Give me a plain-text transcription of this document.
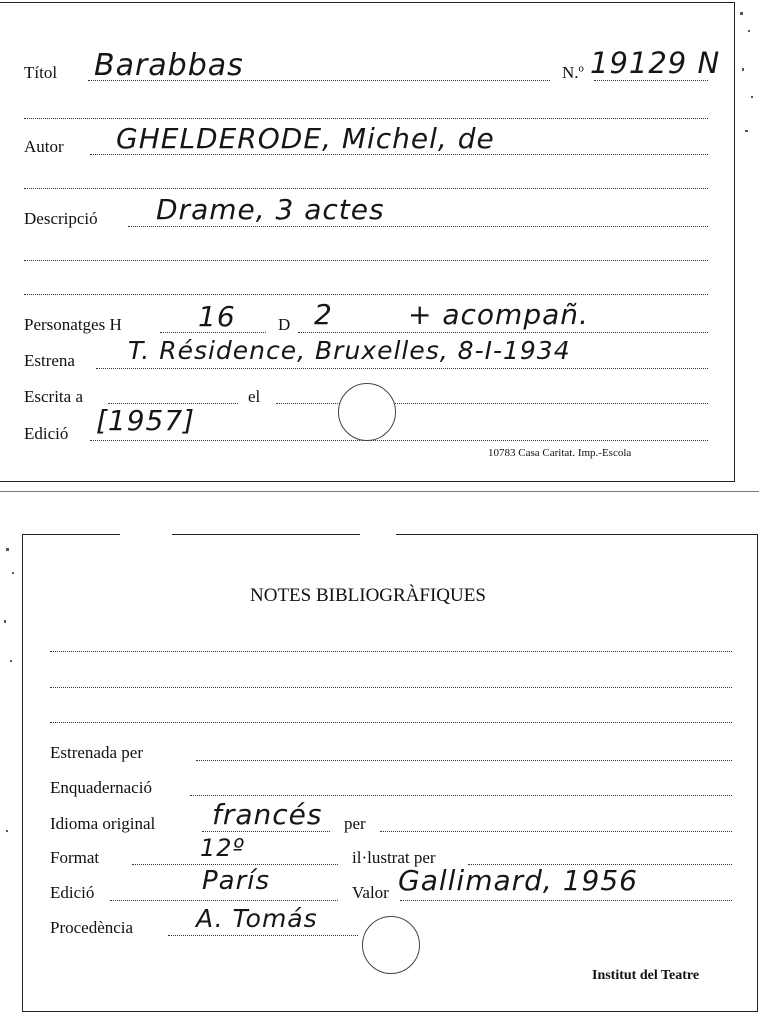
Títol Barabbas	N.º 19129 N
Autor GHELDERODE, Michel, de
Descripció Drame, 3 actes
Personatges H	16 D 2	+ acompañ.
Estrena T. Résidence, Bruxelles, 8-I-1934
Escrita a	el
Edició [1957]
10783 Casa Caritat. Imp.-Escola
NOTES BIBLIOGRÀFIQUES
Estrenada per
Enquadernació
Idioma original francés per
Format	12º	il·lustrat per
Edició	París	Valor Gallimard, 1956
Procedència	A. Tomás
Institut del Teatre
